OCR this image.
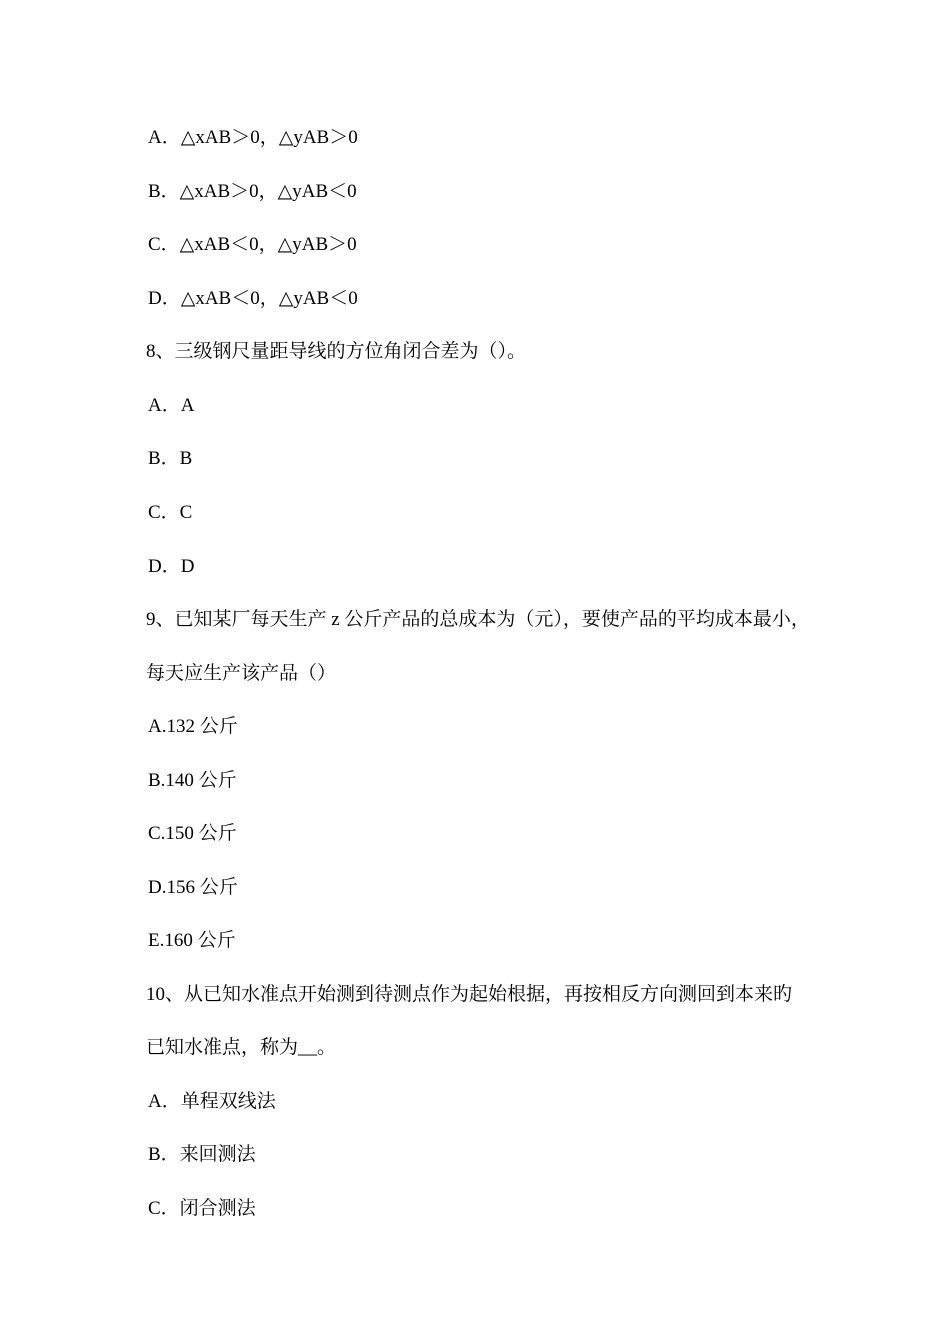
A．△xAB＞0，△yAB＞0
B．△xAB＞0，△yAB＜0
C．△xAB＜0，△yAB＞0
D．△xAB＜0，△yAB＜0
8、三级钢尺量距导线的方位角闭合差为（）。
A．A
B．B
C．C
D．D
9、已知某厂每天生产 z 公斤产品的总成本为（元），要使产品的平均成本最小，
每天应生产该产品（）
A.132 公斤
B.140 公斤
C.150 公斤
D.156 公斤
E.160 公斤
10、从已知水准点开始测到待测点作为起始根据，再按相反方向测回到本来旳
已知水准点，称为__。
A．单程双线法
B．来回测法
C．闭合测法
